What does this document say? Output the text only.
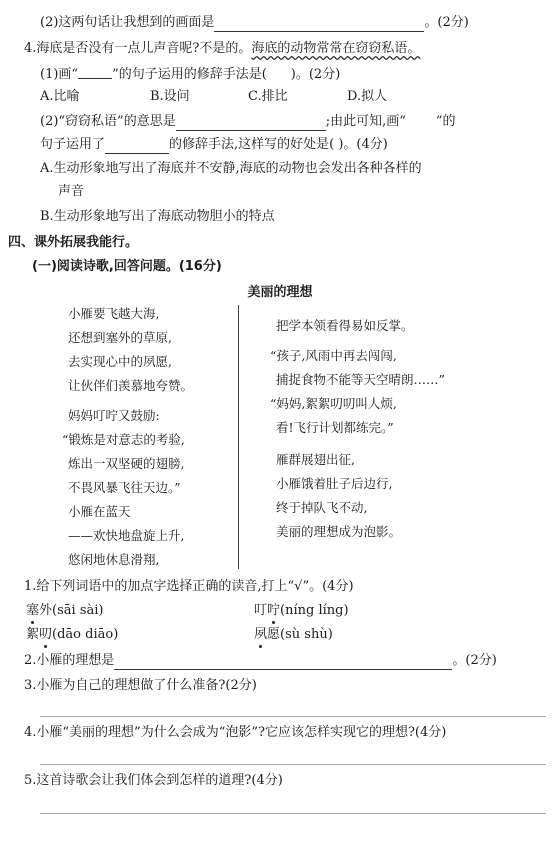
(2)这两句话让我想到的画面是	。(2分)
4.海底是否没有一点儿声音呢?不是的。海底的动物常常在窃窃私语。
(1)画“	”的句子运用的修辞手法是( )。(2分)
A.比喻	B.设问	C.排比	D.拟人
(2)“窃窃私语”的意思是	;由此可知,画“ ”的
句子运用了	的修辞手法,这样写的好处是( )。(4分)
A.生动形象地写出了海底并不安静,海底的动物也会发出各种各样的
声音
B.生动形象地写出了海底动物胆小的特点
四、课外拓展我能行。
(一)阅读诗歌,回答问题。(16分)
美丽的理想
小雁要飞越大海,
还想到塞外的草原,
去实现心中的夙愿,
让伙伴们羡慕地夸赞。
妈妈叮咛又鼓励:
“锻炼是对意志的考验,
炼出一双坚硬的翅膀,
不畏风暴飞往天边。”
小雁在蓝天
——欢快地盘旋上升,
悠闲地休息滑翔,
把学本领看得易如反掌。
“孩子,风雨中再去闯闯,
捕捉食物不能等天空晴朗……”
“妈妈,絮絮叨叨叫人烦,
看!飞行计划都练完。”
雁群展翅出征,
小雁饿着肚子后边行,
终于掉队飞不动,
美丽的理想成为泡影。
1.给下列词语中的加点字选择正确的读音,打上“√”。(4分)
塞外(sāi sài)	叮咛(níng líng)
絮叨(dāo diāo)	夙愿(sù shù)
2.小雁的理想是	。(2分)
3.小雁为自己的理想做了什么准备?(2分)
4.小雁“美丽的理想”为什么会成为“泡影”?它应该怎样实现它的理想?(4分)
5.这首诗歌会让我们体会到怎样的道理?(4分)
